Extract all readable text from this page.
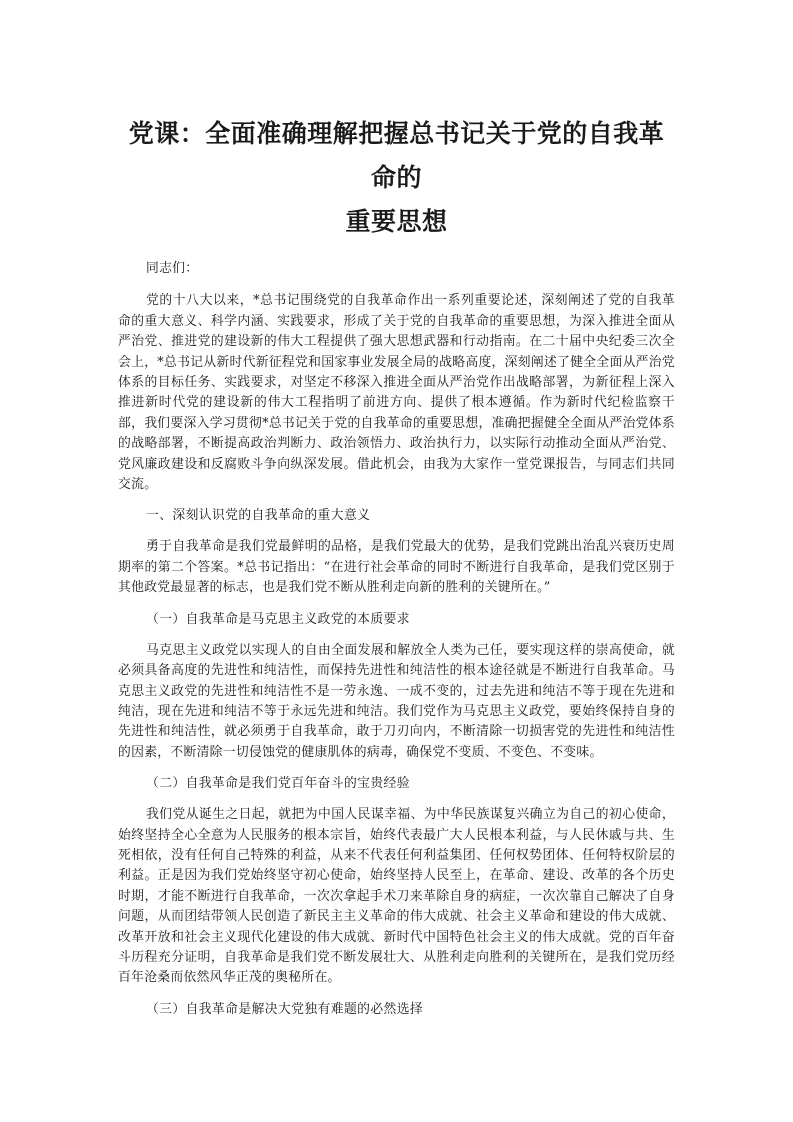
党课：全面准确理解把握总书记关于党的自我革命的
重要思想

同志们：

党的十八大以来，*总书记围绕党的自我革命作出一系列重要论述，深刻阐述了党的自我革命的重大意义、科学内涵、实践要求，形成了关于党的自我革命的重要思想，为深入推进全面从严治党、推进党的建设新的伟大工程提供了强大思想武器和行动指南。在二十届中央纪委三次全会上，*总书记从新时代新征程党和国家事业发展全局的战略高度，深刻阐述了健全全面从严治党体系的目标任务、实践要求，对坚定不移深入推进全面从严治党作出战略部署，为新征程上深入推进新时代党的建设新的伟大工程指明了前进方向、提供了根本遵循。作为新时代纪检监察干部，我们要深入学习贯彻*总书记关于党的自我革命的重要思想，准确把握健全全面从严治党体系的战略部署，不断提高政治判断力、政治领悟力、政治执行力，以实际行动推动全面从严治党、党风廉政建设和反腐败斗争向纵深发展。借此机会，由我为大家作一堂党课报告，与同志们共同交流。

一、深刻认识党的自我革命的重大意义

勇于自我革命是我们党最鲜明的品格，是我们党最大的优势，是我们党跳出治乱兴衰历史周期率的第二个答案。*总书记指出：“在进行社会革命的同时不断进行自我革命，是我们党区别于其他政党最显著的标志，也是我们党不断从胜利走向新的胜利的关键所在。”

（一）自我革命是马克思主义政党的本质要求

马克思主义政党以实现人的自由全面发展和解放全人类为己任，要实现这样的崇高使命，就必须具备高度的先进性和纯洁性，而保持先进性和纯洁性的根本途径就是不断进行自我革命。马克思主义政党的先进性和纯洁性不是一劳永逸、一成不变的，过去先进和纯洁不等于现在先进和纯洁，现在先进和纯洁不等于永远先进和纯洁。我们党作为马克思主义政党，要始终保持自身的先进性和纯洁性，就必须勇于自我革命，敢于刀刃向内，不断清除一切损害党的先进性和纯洁性的因素，不断清除一切侵蚀党的健康肌体的病毒，确保党不变质、不变色、不变味。

（二）自我革命是我们党百年奋斗的宝贵经验

我们党从诞生之日起，就把为中国人民谋幸福、为中华民族谋复兴确立为自己的初心使命，始终坚持全心全意为人民服务的根本宗旨，始终代表最广大人民根本利益，与人民休戚与共、生死相依，没有任何自己特殊的利益，从来不代表任何利益集团、任何权势团体、任何特权阶层的利益。正是因为我们党始终坚守初心使命，始终坚持人民至上，在革命、建设、改革的各个历史时期，才能不断进行自我革命，一次次拿起手术刀来革除自身的病症，一次次靠自己解决了自身问题，从而团结带领人民创造了新民主主义革命的伟大成就、社会主义革命和建设的伟大成就、改革开放和社会主义现代化建设的伟大成就、新时代中国特色社会主义的伟大成就。党的百年奋斗历程充分证明，自我革命是我们党不断发展壮大、从胜利走向胜利的关键所在，是我们党历经百年沧桑而依然风华正茂的奥秘所在。

（三）自我革命是解决大党独有难题的必然选择
